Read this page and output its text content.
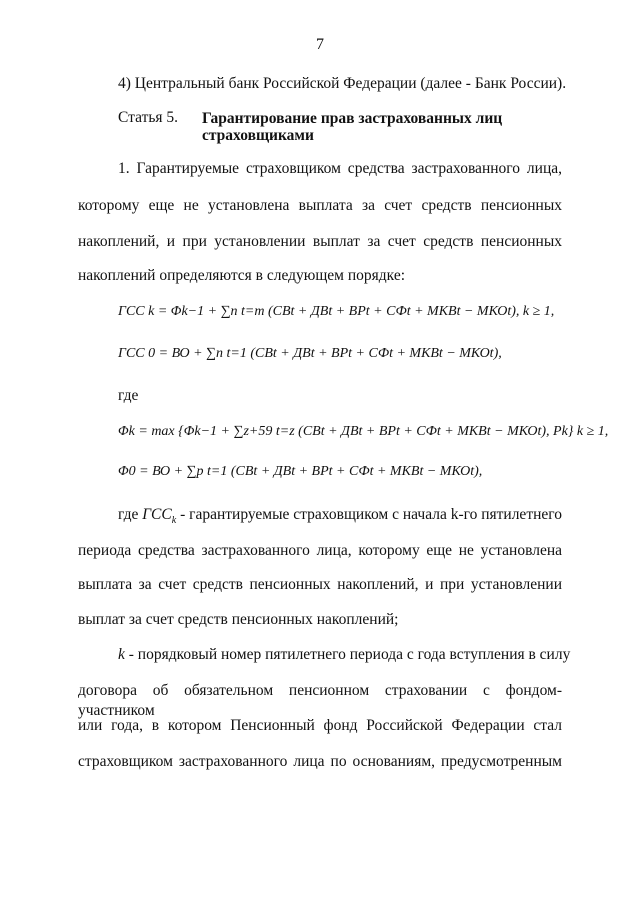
7
4) Центральный банк Российской Федерации (далее - Банк России).
Статья 5. Гарантирование прав застрахованных лиц
страховщиками
1. Гарантируемые страховщиком средства застрахованного лица,
которому еще не установлена выплата за счет средств пенсионных
накоплений, и при установлении выплат за счет средств пенсионных
накоплений определяются в следующем порядке:
ГСС k = Φk−1 + ∑n t=m (СВt + ДВt + ВРt + СФt + МКВt − МКОt), k ≥ 1,
ГСС 0 = ВО + ∑n t=1 (СВt + ДВt + ВРt + СФt + МКВt − МКОt),
где
Φk = max {Φk−1 + ∑z+59 t=z (СВt + ДВt + ВРt + СФt + МКВt − МКОt), Pk} k ≥ 1,
Φ0 = ВО + ∑p t=1 (СВt + ДВt + ВРt + СФt + МКВt − МКОt),
где $ГСС_k$ - гарантируемые страховщиком с начала k-го пятилетнего
периода средства застрахованного лица, которому еще не установлена
выплата за счет средств пенсионных накоплений, и при установлении
выплат за счет средств пенсионных накоплений;
k - порядковый номер пятилетнего периода с года вступления в силу
договора об обязательном пенсионном страховании с фондом-участником
или года, в котором Пенсионный фонд Российской Федерации стал
страховщиком застрахованного лица по основаниям, предусмотренным
